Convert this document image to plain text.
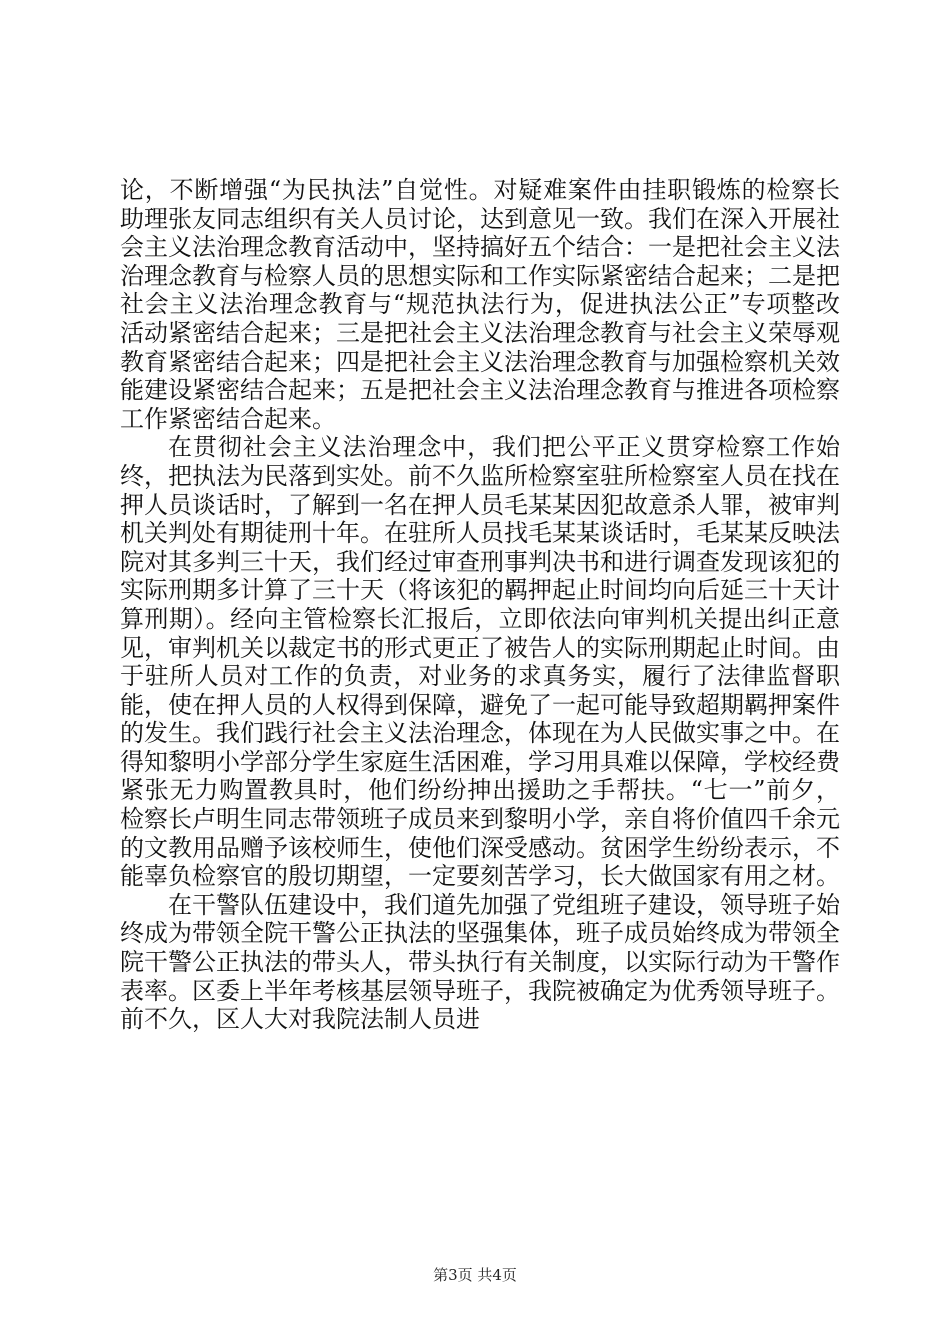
论，不断增强“为民执法”自觉性。对疑难案件由挂职锻炼的检察长助理张友同志组织有关人员讨论，达到意见一致。我们在深入开展社会主义法治理念教育活动中，坚持搞好五个结合：一是把社会主义法治理念教育与检察人员的思想实际和工作实际紧密结合起来；二是把社会主义法治理念教育与“规范执法行为，促进执法公正”专项整改活动紧密结合起来；三是把社会主义法治理念教育与社会主义荣辱观教育紧密结合起来；四是把社会主义法治理念教育与加强检察机关效能建设紧密结合起来；五是把社会主义法治理念教育与推进各项检察工作紧密结合起来。

在贯彻社会主义法治理念中，我们把公平正义贯穿检察工作始终，把执法为民落到实处。前不久监所检察室驻所检察室人员在找在押人员谈话时，了解到一名在押人员毛某某因犯故意杀人罪，被审判机关判处有期徒刑十年。在驻所人员找毛某某谈话时，毛某某反映法院对其多判三十天，我们经过审查刑事判决书和进行调查发现该犯的实际刑期多计算了三十天（将该犯的羁押起止时间均向后延三十天计算刑期）。经向主管检察长汇报后，立即依法向审判机关提出纠正意见，审判机关以裁定书的形式更正了被告人的实际刑期起止时间。由于驻所人员对工作的负责，对业务的求真务实，履行了法律监督职能，使在押人员的人权得到保障，避免了一起可能导致超期羁押案件的发生。我们践行社会主义法治理念，体现在为人民做实事之中。在得知黎明小学部分学生家庭生活困难，学习用具难以保障，学校经费紧张无力购置教具时，他们纷纷抻出援助之手帮扶。“七一”前夕，检察长卢明生同志带领班子成员来到黎明小学，亲自将价值四千余元的文教用品赠予该校师生，使他们深受感动。贫困学生纷纷表示，不能辜负检察官的殷切期望，一定要刻苦学习，长大做国家有用之材。

在干警队伍建设中，我们道先加强了党组班子建设，领导班子始终成为带领全院干警公正执法的坚强集体，班子成员始终成为带领全院干警公正执法的带头人，带头执行有关制度，以实际行动为干警作表率。区委上半年考核基层领导班子，我院被确定为优秀领导班子。前不久，区人大对我院法制人员进

第3页 共4页
